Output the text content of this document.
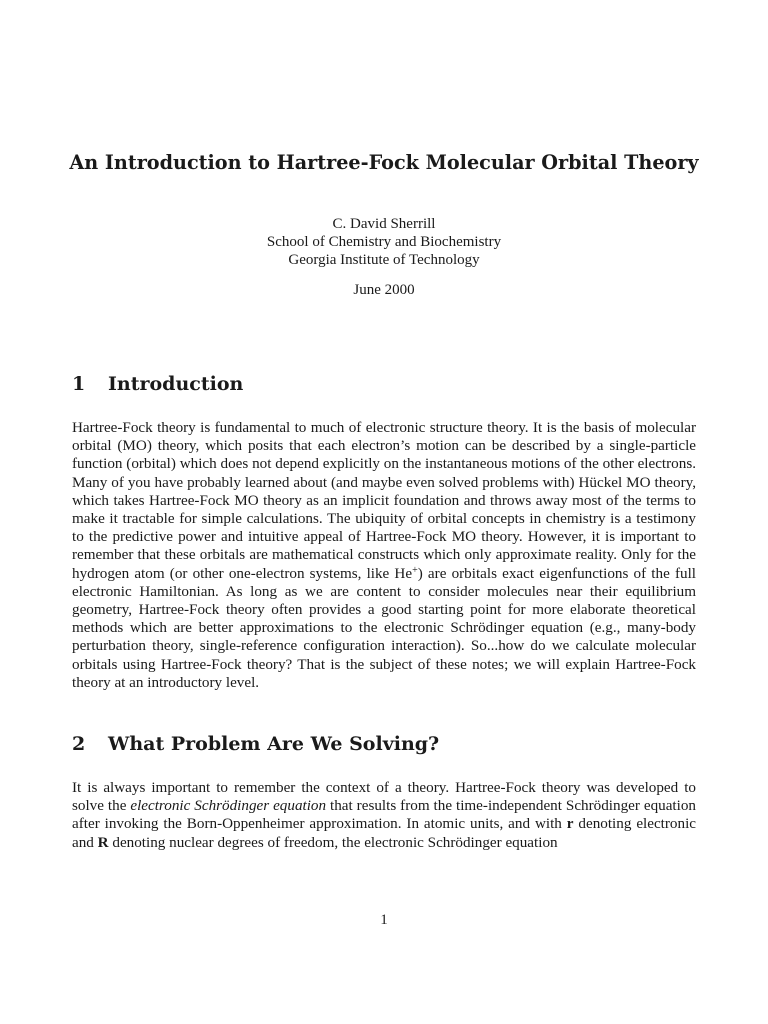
An Introduction to Hartree-Fock Molecular Orbital Theory

C. David Sherrill

School of Chemistry and Biochemistry

Georgia Institute of Technology

June 2000

1 Introduction

Hartree-Fock theory is fundamental to much of electronic structure theory. It is the basis of molecular orbital (MO) theory, which posits that each electron’s motion can be described by a single-particle function (orbital) which does not depend explicitly on the instantaneous motions of the other electrons. Many of you have probably learned about (and maybe even solved problems with) Hückel MO theory, which takes Hartree-Fock MO theory as an implicit foundation and throws away most of the terms to make it tractable for simple calculations. The ubiquity of orbital concepts in chemistry is a testimony to the predictive power and intuitive appeal of Hartree-Fock MO theory. However, it is important to remember that these orbitals are mathematical constructs which only approximate reality. Only for the hydrogen atom (or other one-electron systems, like He+) are orbitals exact eigenfunctions of the full electronic Hamiltonian. As long as we are content to consider molecules near their equilibrium geometry, Hartree-Fock theory often provides a good starting point for more elaborate theoretical methods which are better approximations to the electronic Schrödinger equation (e.g., many-body perturbation theory, single-reference configuration interaction). So...how do we calculate molecular orbitals using Hartree-Fock theory? That is the subject of these notes; we will explain Hartree-Fock theory at an introductory level.

2 What Problem Are We Solving?

It is always important to remember the context of a theory. Hartree-Fock theory was developed to solve the electronic Schrödinger equation that results from the time-independent Schrödinger equation after invoking the Born-Oppenheimer approximation. In atomic units, and with r denoting electronic and R denoting nuclear degrees of freedom, the electronic Schrödinger equation

1
